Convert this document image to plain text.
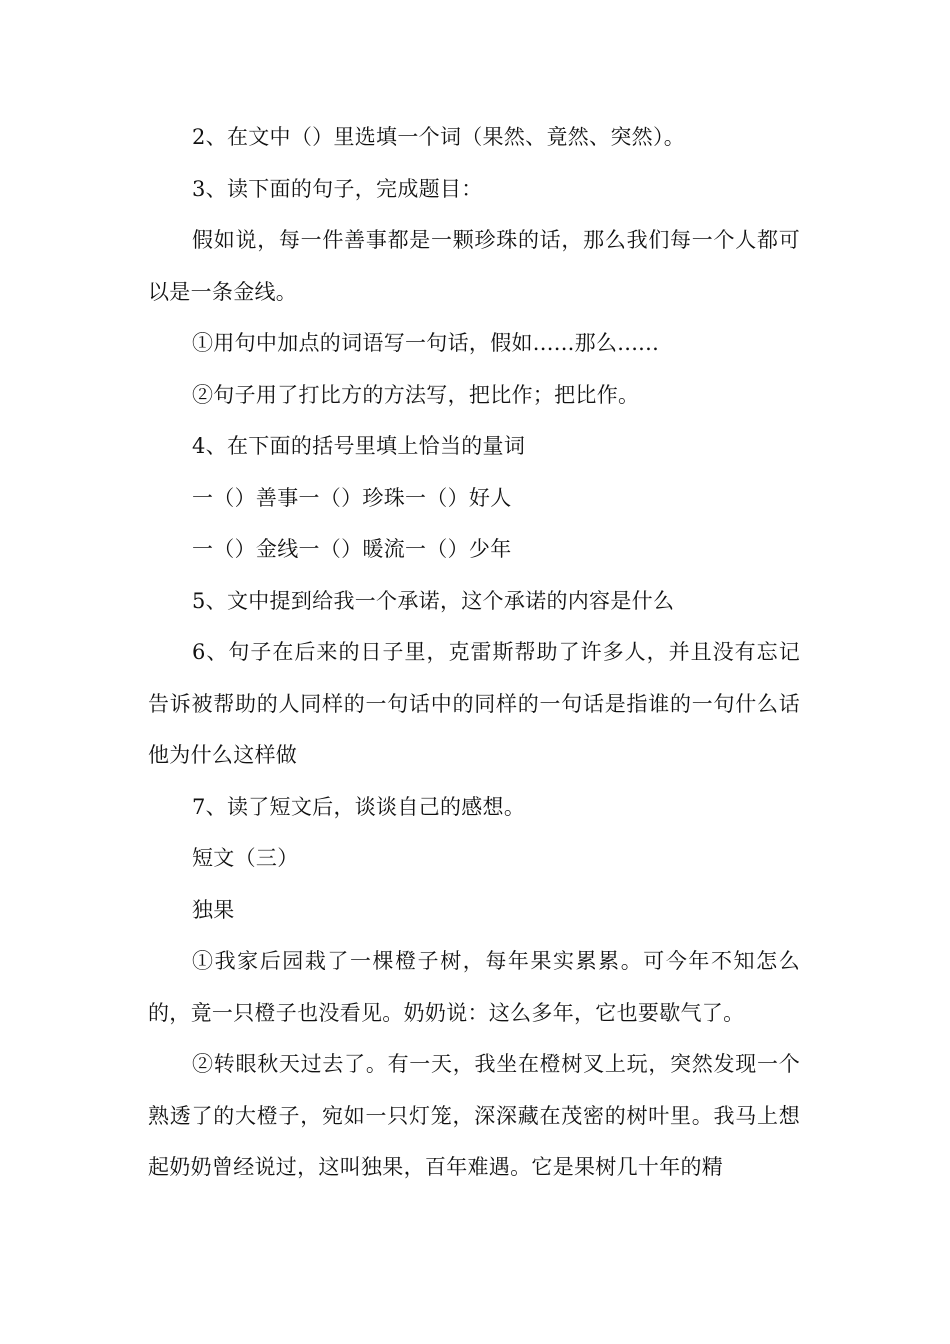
2、在文中（）里选填一个词（果然、竟然、突然）。

3、读下面的句子，完成题目：

假如说，每一件善事都是一颗珍珠的话，那么我们每一个人都可以是一条金线。

①用句中加点的词语写一句话，假如......那么......

②句子用了打比方的方法写，把比作；把比作。

4、在下面的括号里填上恰当的量词

一（）善事一（）珍珠一（）好人

一（）金线一（）暖流一（）少年

5、文中提到给我一个承诺，这个承诺的内容是什么

6、句子在后来的日子里，克雷斯帮助了许多人，并且没有忘记告诉被帮助的人同样的一句话中的同样的一句话是指谁的一句什么话他为什么这样做

7、读了短文后，谈谈自己的感想。

短文（三）

独果

①我家后园栽了一棵橙子树，每年果实累累。可今年不知怎么的，竟一只橙子也没看见。奶奶说：这么多年，它也要歇气了。

②转眼秋天过去了。有一天，我坐在橙树叉上玩，突然发现一个熟透了的大橙子，宛如一只灯笼，深深藏在茂密的树叶里。我马上想起奶奶曾经说过，这叫独果，百年难遇。它是果树几十年的精
